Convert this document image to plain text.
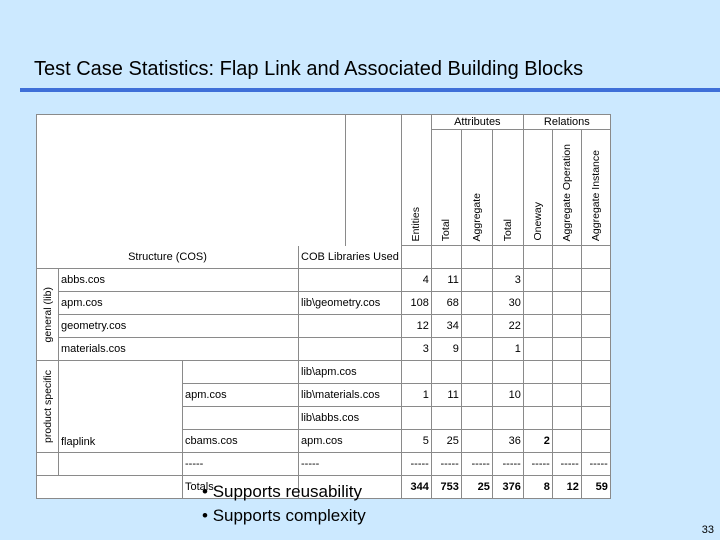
Test Case Statistics: Flap Link and Associated Building Blocks

					Entities	Attributes			Relations		

						Total	Aggregate	Total	Oneway	Aggregate Operation	Aggregate Instance

Structure (COS)			COB Libraries Used								

general (lib)	abbs.cos				4	11		3			
	apm.cos		lib\geometry.cos		108	68		30			
	geometry.cos				12	34		22			
	materials.cos				3	9		1			

product specific	flaplink		lib\apm.cos								
		apm.cos	lib\materials.cos		1	11		10			
			lib\abbs.cos								
		cbams.cos	apm.cos		5	25		36	2		
		-----	-----		-----	-----	-----	-----	-----	-----	-----
		Totals			344	753	25	376	8	12	59
• Supports reusability
• Supports complexity
33
